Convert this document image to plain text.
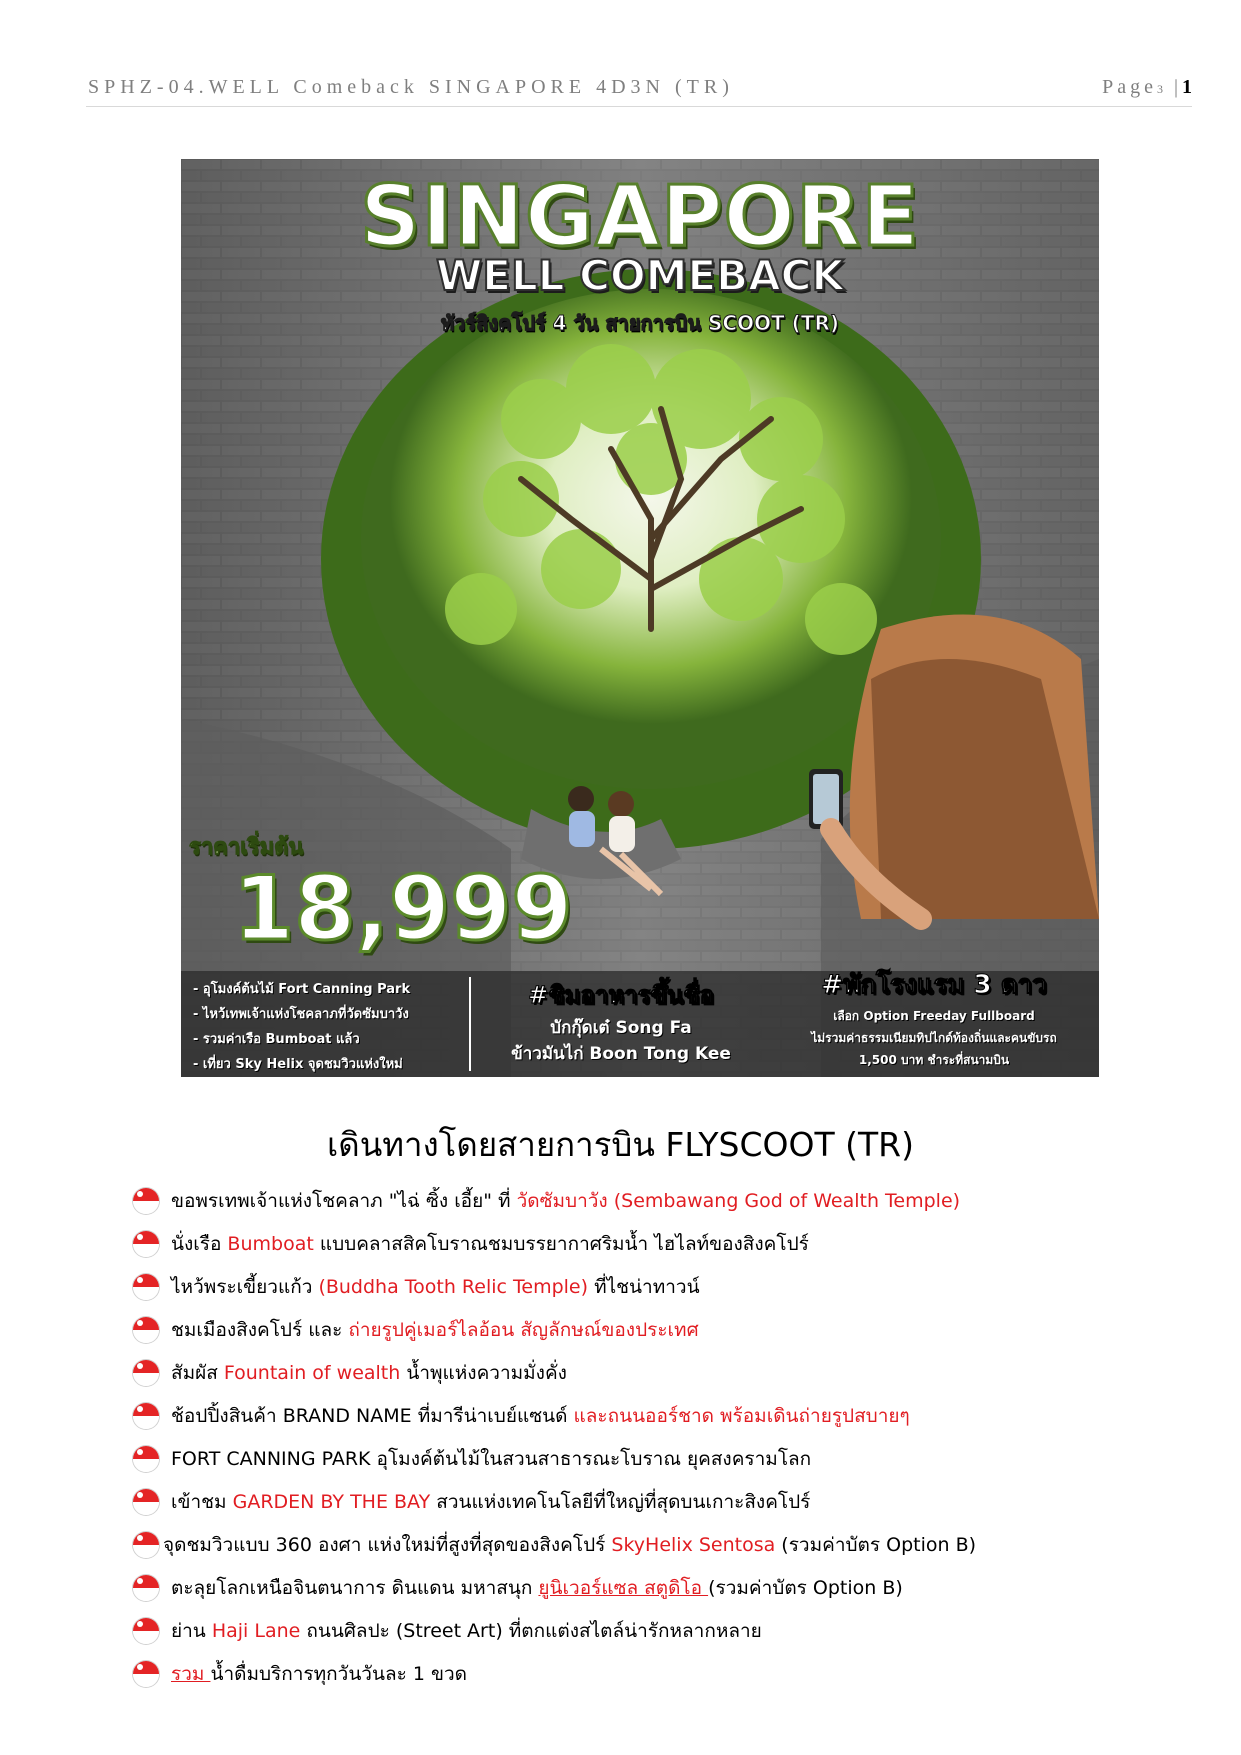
SPHZ-04.WELL Comeback SINGAPORE 4D3N (TR)	Page3 |1

SINGAPORE

WELL COMEBACK

ทัวร์สิงคโปร์ 4 วัน สายการบิน SCOOT (TR)

ราคาเริ่มต้น

18,999

- อุโมงค์ต้นไม้ Fort Canning Park
- ไหว้เทพเจ้าแห่งโชคลาภที่วัดซัมบาวัง
- รวมค่าเรือ Bumboat แล้ว
- เที่ยว Sky Helix จุดชมวิวแห่งใหม่
#ชิมอาหารขึ้นชื่อ
บักกุ๊ดเต๋ Song Fa
ข้าวมันไก่ Boon Tong Kee
#พักโรงแรม 3 ดาว
เลือก Option Freeday Fullboard
ไม่รวมค่าธรรมเนียมทิปไกด์ท้องถิ่นและคนขับรถ
1,500 บาท ชำระที่สนามบิน
เดินทางโดยสายการบิน FLYSCOOT (TR)
ขอพรเทพเจ้าแห่งโชคลาภ "ไฉ่ ซิ้ง เอี้ย" ที่ วัดซัมบาวัง (Sembawang God of Wealth Temple)
นั่งเรือ Bumboat แบบคลาสสิคโบราณชมบรรยากาศริมน้ำ ไฮไลท์ของสิงคโปร์
ไหว้พระเขี้ยวแก้ว (Buddha Tooth Relic Temple) ที่ไชน่าทาวน์
ชมเมืองสิงคโปร์ และ ถ่ายรูปคู่เมอร์ไลอ้อน สัญลักษณ์ของประเทศ
สัมผัส Fountain of wealth น้ำพุแห่งความมั่งคั่ง
ช้อปปิ้งสินค้า BRAND NAME ที่มารีน่าเบย์แซนด์ และถนนออร์ชาด พร้อมเดินถ่ายรูปสบายๆ
FORT CANNING PARK อุโมงค์ต้นไม้ในสวนสาธารณะโบราณ ยุคสงครามโลก
เข้าชม GARDEN BY THE BAY สวนแห่งเทคโนโลยีที่ใหญ่ที่สุดบนเกาะสิงคโปร์
จุดชมวิวแบบ 360 องศา แห่งใหม่ที่สูงที่สุดของสิงคโปร์ SkyHelix Sentosa (รวมค่าบัตร Option B)
ตะลุยโลกเหนือจินตนาการ ดินแดน มหาสนุก ยูนิเวอร์แซล สตูดิโอ (รวมค่าบัตร Option B)
ย่าน Haji Lane ถนนศิลปะ (Street Art) ที่ตกแต่งสไตล์น่ารักหลากหลาย
รวม น้ำดื่มบริการทุกวันวันละ 1 ขวด
